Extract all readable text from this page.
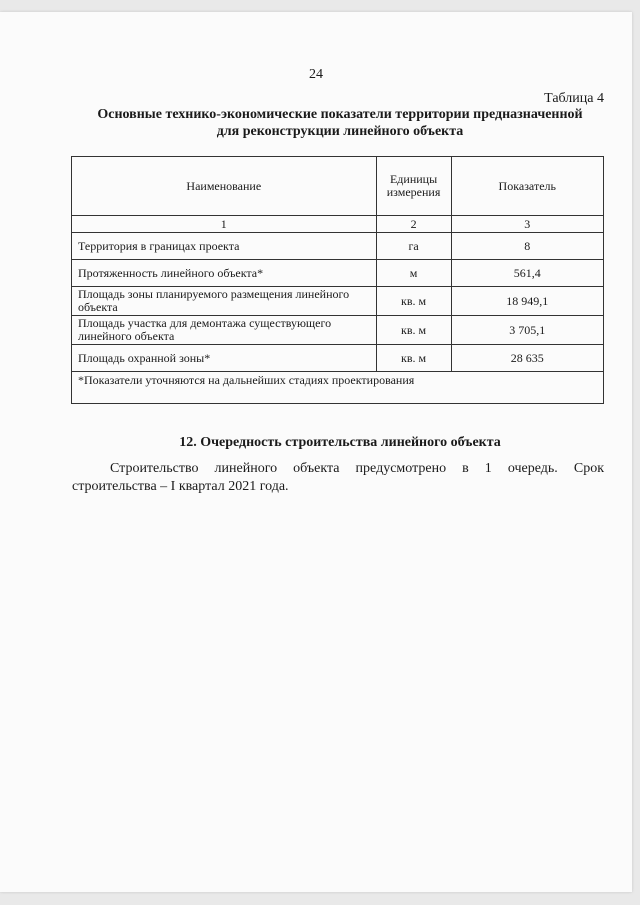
24
Таблица 4
Основные технико-экономические показатели территории предназначенной
для реконструкции линейного объекта
Наименование	Единицы измерения	Показатель
1	2	3
Территория в границах проекта	га	8
Протяженность линейного объекта*	м	561,4
Площадь зоны планируемого размещения линейного объекта	кв. м	18 949,1
Площадь участка для демонтажа существующего линейного объекта	кв. м	3 705,1
Площадь охранной зоны*	кв. м	28 635
*Показатели уточняются на дальнейших стадиях проектирования		
12. Очередность строительства линейного объекта
Строительство линейного объекта предусмотрено в 1 очередь. Срок строительства – I квартал 2021 года.
